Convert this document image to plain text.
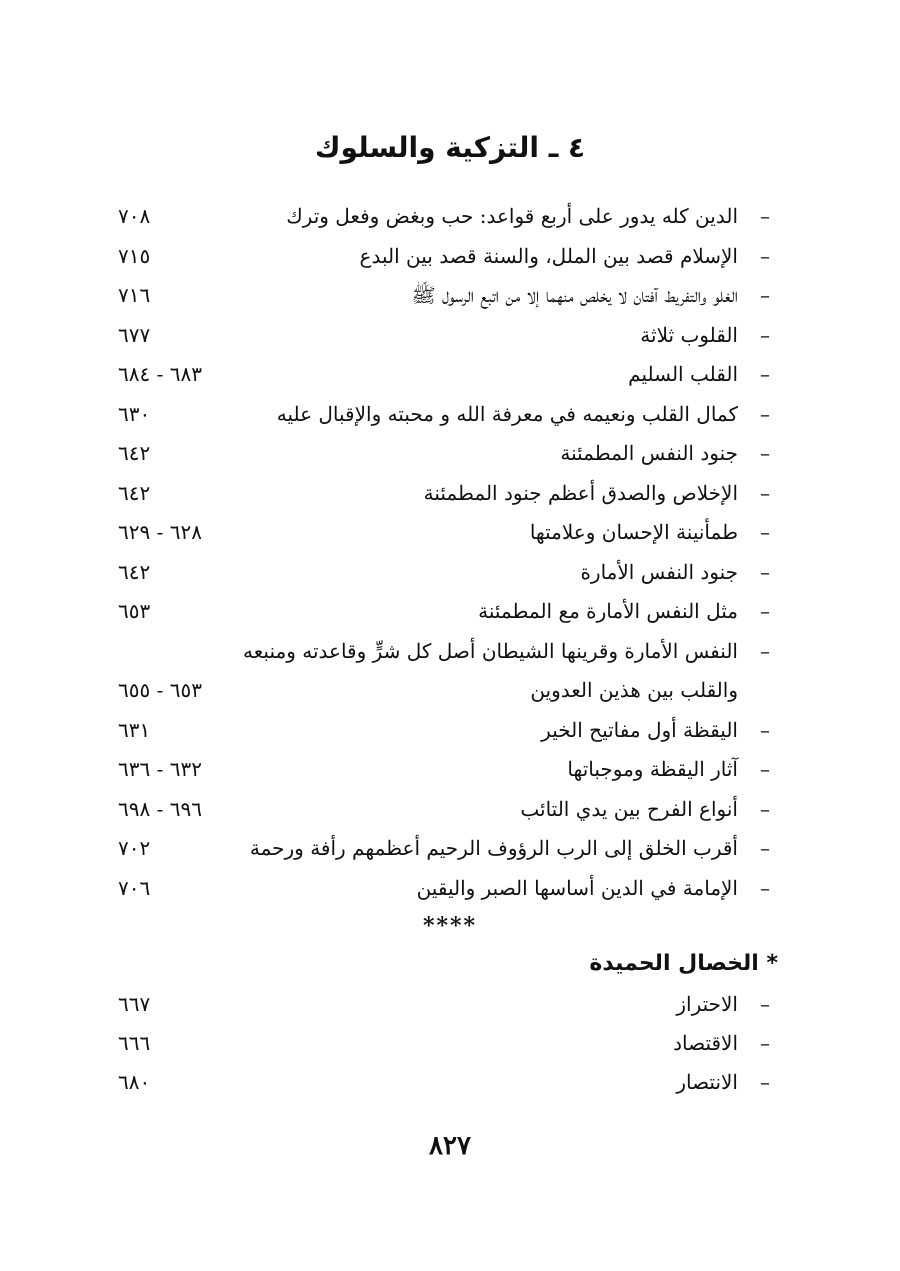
٤ ـ التزكية والسلوك
–
الدين كله يدور على أربع قواعد: حب وبغض وفعل وترك
٧٠٨
–
الإسلام قصد بين الملل، والسنة قصد بين البدع
٧١٥
–
الغلو والتفريط آفتان لا يخلص منهما إلا من اتبع الرسول ﷺ
٧١٦
–
القلوب ثلاثة
٦٧٧
–
القلب السليم
٦٨٣ - ٦٨٤
–
كمال القلب ونعيمه في معرفة الله و محبته والإقبال عليه
٦٣٠
–
جنود النفس المطمئنة
٦٤٢
–
الإخلاص والصدق أعظم جنود المطمئنة
٦٤٢
–
طمأنينة الإحسان وعلامتها
٦٢٨ - ٦٢٩
–
جنود النفس الأمارة
٦٤٢
–
مثل النفس الأمارة مع المطمئنة
٦٥٣
–
النفس الأمارة وقرينها الشيطان أصل كل شرٍّ وقاعدته ومنبعه
والقلب بين هذين العدوين
٦٥٣ - ٦٥٥
–
اليقظة أول مفاتيح الخير
٦٣١
–
آثار اليقظة وموجباتها
٦٣٢ - ٦٣٦
–
أنواع الفرح بين يدي التائب
٦٩٦ - ٦٩٨
–
أقرب الخلق إلى الرب الرؤوف الرحيم أعظمهم رأفة ورحمة
٧٠٢
–
الإمامة في الدين أساسها الصبر واليقين
٧٠٦
****
* الخصال الحميدة
–
الاحتراز
٦٦٧
–
الاقتصاد
٦٦٦
–
الانتصار
٦٨٠
٨٢٧
